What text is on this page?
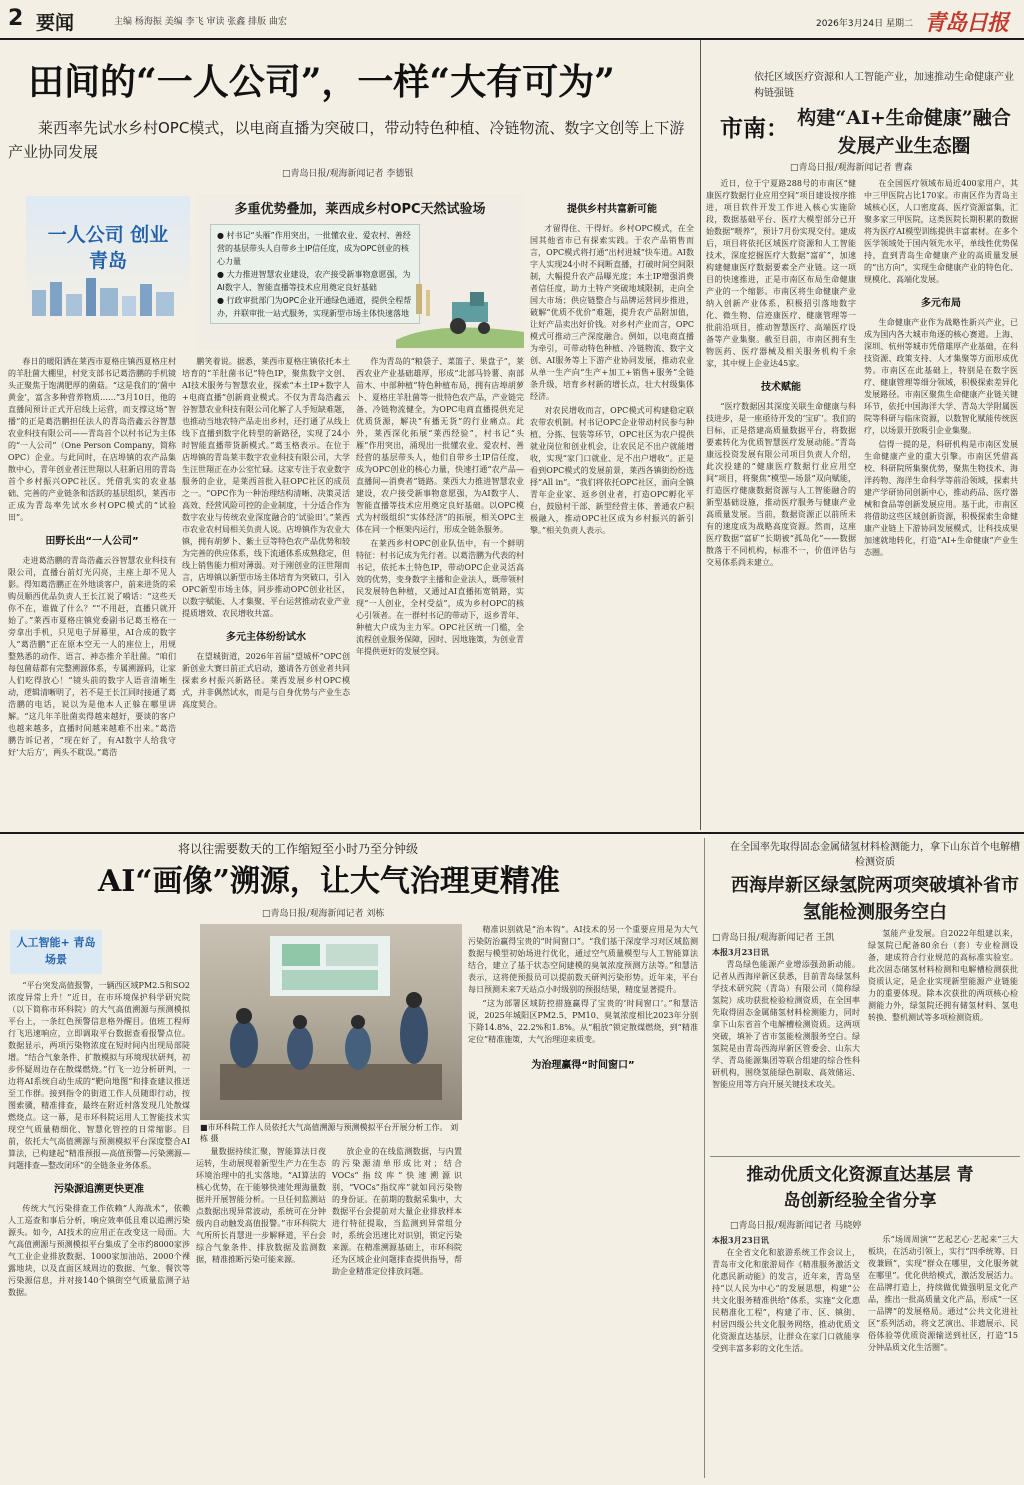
2 要闻	主编 杨海振 美编 李飞 审读 张鑫 排版 曲宏	2026年3月24日 星期二 青岛日报
田间的“一人公司”，一样“大有可为”
莱西率先试水乡村OPC模式，以电商直播为突破口，带动特色种植、冷链物流、数字文创等上下游产业协同发展
□青岛日报/观海新闻记者 李德银
一人公司 创业青岛
多重优势叠加，莱西成乡村OPC天然试验场
● 村书记“头雁”作用突出，一批懂农业、爱农村、善经营的基层带头人自带乡土IP信任度，成为OPC创业的核心力量
● 大力推进智慧农业建设，农产接受新事物意愿强，为AI数字人、智能直播等技术应用奠定良好基础
● 行政审批部门为OPC企业开通绿色通道，提供全程帮办，并联审批一站式服务，实现新型市场主体快速落地

春日的暖阳洒在莱西市夏格庄镇西夏格庄村的羊肚菌大棚里，村党支部书记葛浩鹏的手机镜头正聚焦于饱满肥厚的菌菇。“这是我们的‘菌中黄金’，富含多种营养物质……”3月10日，他的直播间预计正式开启线上运营，而支撑这场“智播”的正是葛浩鹏担任法人的青岛浩鑫云谷智慧农业科技有限公司——青岛首个以村书记为主体的“一人公司”（One Person Company，简称OPC）企业。与此同时，在店埠镇的农产品集散中心，青年创业者汪世翔以人驻新启用的青岛首个乡村振兴OPC社区。凭借乳实的农业基础、完善的产业链条和活跃的基层组织，莱西市正成为青岛率先试水乡村OPC模式的“试验田”。

田野长出“一人公司”

走进葛浩鹏的青岛浩鑫云谷智慧农业科技有限公司，直播台前灯光闪亮，主座上却不见人影。得知葛浩鹏正在外地谈客户，前来进货的采购员顺西优品负责人王长江说了嗬话：“这些天你不在，谁做了什么？”“不用赶，直播只就开始了。”莱西市夏格庄镇党委副书记葛玉格在一旁拿出手机，只见电子屏幕里，AI合成的数字人“葛浩鹏”正在原本空无一人的座位上，用规整熟悉的动作、语言、神态推介羊肚菌。“咱们每包菌菇都有完整溯源体系，专属溯源码，让家人们吃得放心！”镜头前的数字人语音清晰生动，逻辑清晰明了，若不是王长江同时接通了葛浩鹏的电话，说以为是他本人正躲在哪里讲解。“这几年羊肚菌卖得越来越好，要谈的客户也越来越多，直播时间越来越难不出来。”葛浩鹏告诉记者，“现在好了，有AI数字人给我守好‘大后方’，两头不耽误。”葛浩

鹏笑着说。据悉，莱西市夏格庄镇依托本土培育的“羊肚菌书记”特色IP，聚焦数字文创、AI技术服务与智慧农业，探索“本土IP+数字人+电商直播”创新商业模式。不仅为青岛浩鑫云谷智慧农业科技有限公司化解了人手短缺难题，也推动当地农特产品走出乡村，还打通了从线上线下直播到数字化转型的新路径，实现了24小时智能直播带货新模式。”葛玉格表示。在位于店埠镇的青岛莱丰数字农业科技有限公司，大学生汪世翔正在办公室忙碌。这家专注于农业数字服务的企业，是莱西首批入驻OPC社区的成员之一。“OPC作为一种治理结构清晰、决策灵活高效、经营风险可控的企业制度，十分适合作为数字农业与传统农业深度融合的‘试验田’。”莱西市农业农村局相关负责人说。店埠镇作为农业大镇，拥有胡萝卜、紫土豆等特色农产品优势和较为完善的供应体系，线下流通体系成熟稳定，但线上销售能力相对薄弱。对于刚创业的汪世翔而言，店埠镇以新型市场主体培育为突破口，引入OPC新型市场主体，同步推动OPC创业社区，以数字赋能、人才集聚、平台运营推动农业产业提质增效、农民增收共富。

多元主体纷纷试水

在望城街道，2026年首届“望城杯”OPC创新创业大赛日前正式启动，邀请各方创业者共同探索乡村振兴新路径。莱西发展乡村OPC模式，并非偶然试水，而是与自身优势与产业生态高度契合。

作为青岛的“粮袋子、菜篮子、果盘子”，莱西农业产业基础雄厚，形成“北部马铃薯、南部苗木、中部种植”特色种植布局，拥有店埠胡萝卜、夏格庄羊肚菌等一批特色农产品，产业链完备、冷链物流健全，为OPC电商直播提供充足优质货源，解决“有播无货”的行业痛点。此外，莱西深化拓展“莱西经验”，村书记“头雁”作用突出，涌现出一批懂农业、爱农村、善经营的基层带头人，他们自带乡土IP信任度，成为OPC创业的核心力量，快速打通“农产品—直播间—消费者”链路。莱西大力推进智慧农业建设，农户接受新事物意愿强，为AI数字人、智能直播等技术应用奠定良好基础。以OPC模式为村级组织“实体经济”的拓展，相关OPC主体在同一个框架内运行，形成全链条服务。

在莱西乡村OPC创业队伍中，有一个鲜明特征：村书记成为先行者。以葛浩鹏为代表的村书记，依托本土特色IP，带动OPC企业灵活高效的优势，变身数字主播和企业法人，既带领村民发展特色种植，又通过AI直播拓宽销路，实现“一人创业，全村受益”，成为乡村OPC的核心引领者。在一群村书记的带动下，返乡青年、种植大户成为主力军。OPC社区统一门槛，全流程创业服务保障，因时、因地施策，为创业青年提供更好的发展空间。

提供乡村共富新可能

才留得住、干得好。乡村OPC模式，在全国其他省市已有探索实践。于农产品销售而言，OPC模式将打通“出村进城”快车道。AI数字人实现24小时不间断直播，打破时间空间限制，大幅提升农产品曝光度；本土IP增强消费者信任度，助力土特产突破地域限制，走向全国大市场；供应链整合与品牌运营同步推进，破解“优质不优价”难题，提升农产品附加值，让好产品卖出好价钱。对乡村产业而言，OPC模式可推动三产深度融合。例如，以电商直播为牵引，可带动特色种植、冷链物流、数字文创、AI服务等上下游产业协同发展，推动农业从单一生产向“生产+加工+销售+服务”全链条升级，培育乡村新的增长点，壮大村级集体经济。

对农民增收而言，OPC模式可构建稳定联农带农机制。村书记OPC企业带动村民参与种植、分拣、包装等环节，OPC社区为农户提供就业岗位和创业机会，让农民足不出户就能增收，实现“家门口就业、足不出户增收”。正是看到OPC模式的发展前景，莱西各镇街纷纷选择“All in”。“我们将依托OPC社区，面向全镇青年企业家、返乡创业者，打造OPC孵化平台，鼓励村干部、新型经营主体、普通农户积极融入，推动OPC社区成为乡村振兴的新引擎。”相关负责人表示。

依托区域医疗资源和人工智能产业，加速推动生命健康产业构链强链
市南： 构建“AI+生命健康”融合发展产业生态圈
□青岛日报/观海新闻记者 曹森

近日，位于宁夏路288号的市南区“健康医疗数据行业应用空间”项目建设按序推进，项目软件开发工作进入核心实施阶段，数据基础平台、医疗大模型部分已开始数据“喂养”，预计7月份实现交付。建成后，项目将依托区域医疗资源和人工智能技术，深度挖掘医疗大数据“富矿”，加速构建健康医疗数据要素全产业链。这一项目的快速推进，正是市南区布局生命健康产业的一个缩影。市南区将生命健康产业纳入创新产业体系，积极招引落地数字化、微生物、信迹康医疗、健康管理等一批前沿项目，推动智慧医疗、高端医疗设备等产业集聚。截至目前，市南区拥有生物医药、医疗器械及相关服务机构千余家，其中规上企业达45家。

技术赋能

“医疗数据因其深度关联生命健康与科技进步，是一座亟待开发的‘宝矿’。我们的目标，正是搭建高质量数据平台，将数据要素转化为优质智慧医疗发展动能。”青岛康远投资发展有限公司项目负责人介绍，此次投建的“健康医疗数据行业应用空间”项目，将聚焦“模型—场景”双向赋能，打造医疗健康数据资源与人工智能融合的新型基础设施，推动医疗服务与健康产业高质量发展。当前，数据资源正以前所未有的速度成为战略高度资源。然而，这座医疗数据“富矿”长期被“孤岛化”——数据散落于不同机构，标准不一，价值评估与交易体系尚未建立。

在全国医疗领域布局近400家用户，其中三甲医院占比170家。市南区作为青岛主城核心区，人口密度高、医疗资源富集，汇聚多家三甲医院，这类医院长期积累的数据将为医疗AI模型训练提供丰富素材。在多个医学领域处于国内领先水平，单线性优势保持，直到青岛生命健康产业的高质量发展的“出方向”，实现生命健康产业的特色化、规模化、高端化发展。

多元布局

生命健康产业作为战略性新兴产业，已成为国内各大城市角逐的核心赛道。上海、深圳、杭州等城市凭借雄厚产业基础，在科技资源、政策支持、人才集聚等方面形成优势。市南区在此基础上，特别是在数字医疗、健康管理等细分领域，积极探索差异化发展路径。市南区聚焦生命健康产业链关键环节，依托中国海洋大学、青岛大学附属医院等科研与临床资源，以数智化赋能传统医疗，以场景开放吸引企业集聚。

信得一提的是，科研机构是市南区发展生命健康产业的重大引擎。市南区凭借高校、科研院所集聚优势，聚焦生物技术、海洋药物、海洋生命科学等前沿领域，探索共建产学研协同创新中心，推动药品、医疗器械和食品等创新发展应用。基于此，市南区将借助这些区域创新资源，积极探索生命健康产业链上下游协同发展模式，让科技成果加速就地转化，打造“AI+生命健康”产业生态圈。

将以往需要数天的工作缩短至小时乃至分钟级
AI“画像”溯源，让大气治理更精准
□青岛日报/观海新闻记者 刘栋
人工智能+ 青岛场景
■市环科院工作人员依托大气高值溯源与预测模拟平台开展分析工作。 刘栋 摄

“平台突发高值报警，一辆西区域PM2.5和SO2浓度异常上升！”近日，在市环境保护科学研究院（以下简称市环科院）的大气高值溯源与预测模拟平台上，一条红色预警信息格外醒目。值班工程师行飞迅速响应，立即调取平台数据查看报警点位。数据显示，两项污染物浓度在短时间内出现局部陡增。“结合气象条件、扩散模拟与环境现状研判，初步怀疑周边存在散煤燃烧。”行飞一边分析研判，一边将AI系统自动生成的“靶向地图”和排查建议推送至工作群。接到指令的街道工作人员随即行动，按图索骥，精准排查，最终在附近村落发现几处散煤燃烧点。这一幕，是市环科院运用人工智能技术实现空气质量精细化、智慧化管控的日常缩影。目前，依托大气高值溯源与预测模拟平台深度整合AI算法，已构建起“精准预报—高值预警—污染溯源—问题排查—整改闭环”的全链条业务体系。

污染源追溯更快更准

传统大气污染排查工作依赖“人海战术”，依赖人工巡查和事后分析，响应效率低且难以追溯污染源头。如今，AI技术的应用正在改变这一局面。大气高值溯源与预测模拟平台集成了全市约8000家涉气工业企业排放数据、1000家加油站、2000个裸露地块，以及直面区域周边的数据、气象、餐饮等污染源信息，并对接140个镇街空气质量监测子站数据。

量数据持续汇聚，智能算法日夜运转，生动展现着新型生产力在生态环境治理中的扎实落地。“AI算法的核心优势，在于能够快速处理海量数据并开展智能分析。一旦任何监测站点数据出现异常波动，系统可在分钟级内自动触发高值报警。”市环科院大气所所长肖慧进一步解释道，平台会综合气象条件、排放数据及监测数据，精准推断污染可能来源。

放企业的在线监测数据，与内置的污染源清单形成比对；结合VOCs“指纹库”快速溯源识别，“VOCs”指纹库”就如同污染物的身份证。在前期的数据采集中，大数据平台会提前对大量企业排放样本进行特征提取，当监测到异常组分时，系统会迅速比对识别，锁定污染来源。在精准溯源基础上，市环科院还为区域企业问题排查提供指导，帮助企业精准定位排放问题。

精准识别就是“治本钩”。AI技术的另一个重要应用是为大气污染防治赢得宝贵的“时间窗口”。“我们基于深度学习对区域监测数据与模型初始场进行优化，通过空气质量模型与人工智能算法结合，建立了基于状态空间建模的臭氧浓度预测方法等。”和慧洁表示，这将使预报员可以提前数天研判污染形势。近年来，平台每日预测未来7天站点小时级别的预报结果，精度显著提升。

“这为部署区域防控措施赢得了宝贵的‘时间窗口’。”和慧洁说，2025年城阳区PM2.5、PM10、臭氧浓度相比2023年分别下降14.8%、22.2%和1.8%。从“粗放”锁定散煤燃烧，到“精准定位”精准施策，大气治理迎来质变。

为治理赢得“时间窗口”
在全国率先取得固态金属储氢材料检测能力，拿下山东首个电解槽检测资质
西海岸新区绿氢院两项突破填补省市氢能检测服务空白
□青岛日报/观海新闻记者 王凯
本报3月23日讯

青岛绿色能源产业增添强劲新动能。记者从西海岸新区获悉，目前青岛绿氢科学技术研究院（青岛）有限公司（简称绿氢院）成功获批检验检测资质，在全国率先取得固态金属储氢材料检测能力，同时拿下山东省首个电解槽检测资质。这两项突破，填补了省市氢能检测服务空白。绿氢院是由青岛西海岸新区管委会、山东大学、青岛能源集团等联合组建的综合性科研机构，围绕氢能绿色制取、高效储运、智能应用等方向开展关键技术攻关。

氢能产业发展。自2022年组建以来，绿氢院已配备80余台（套）专业检测设备，建成符合行业规范的高标准实验室。此次固态储氢材料检测和电解槽检测获批资质认定，是企业实现新型能源产业链能力的重要体现。除本次获批的两项核心检测能力外，绿氢院还拥有储氢材料、氢电转换、整机测试等多项检测资质。

推动优质文化资源直达基层 青岛创新经验全省分享
□青岛日报/观海新闻记者 马晓婷
本报3月23日讯

在全省文化和旅游系统工作会议上，青岛市文化和旅游局作《精准服务激活文化惠民新动能》的发言，近年来，青岛坚持“以人民为中心”的发展思想，构建“公共文化服务精准供给”体系，实施“文化惠民精准化工程”，构建了市、区、镇街、村居四级公共文化服务网络，推动优质文化资源直达基层，让群众在家门口就能享受到丰富多彩的文化生活。

乐“场周周演”“艺起艺心·艺起来”三大板块，在活动引领上，实行“四季统筹、日夜兼顾”，实现“群众在哪里，文化服务就在哪里”。优化供给模式，激活发展活力。在品牌打造上，持续做优做强明星文化产品，推出一批高质量文化产品，形成“一区一品牌”的发展格局。通过“公共文化进社区”系列活动，将文艺演出、非遗展示、民俗体验等优质资源输送到社区，打造“15分钟品质文化生活圈”。
